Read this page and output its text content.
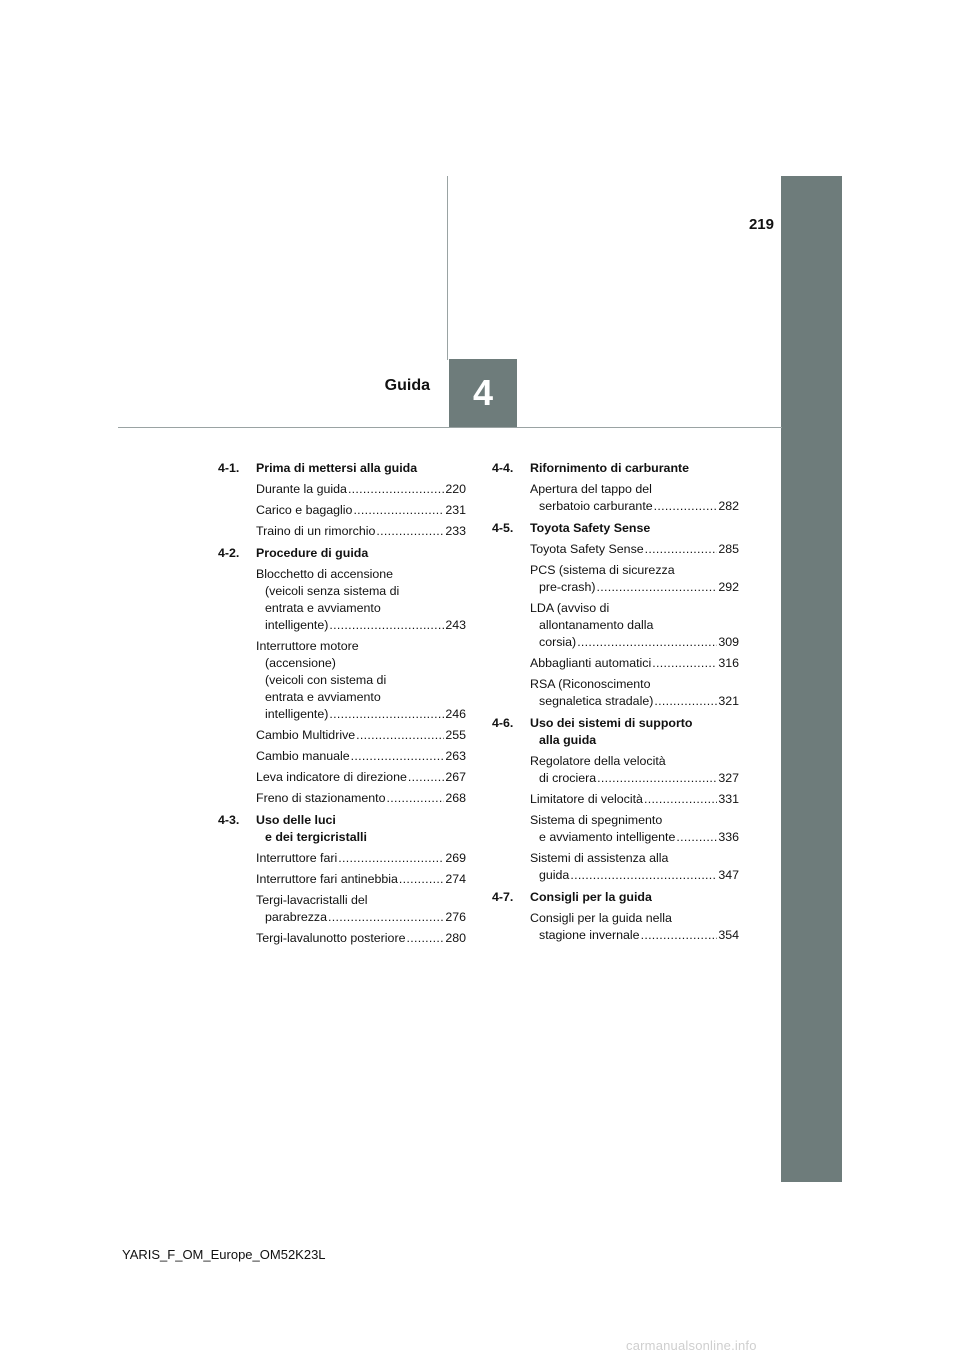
219
4
Guida
4-1.	Prima di mettersi alla guida
Durante la guida .....	220
Carico e bagaglio .....	231
Traino di un rimorchio .....	233
4-2.	Procedure di guida
Blocchetto di accensione
(veicoli senza sistema di
entrata e avviamento
intelligente) .....	243
Interruttore motore
(accensione)
(veicoli con sistema di
entrata e avviamento
intelligente) .....	246
Cambio Multidrive .....	255
Cambio manuale .....	263
Leva indicatore di direzione .....	267
Freno di stazionamento .....	268
4-3.	Uso delle luci
e dei tergicristalli
Interruttore fari .....	269
Interruttore fari antinebbia .....	274
Tergi-lavacristalli del
parabrezza .....	276
Tergi-lavalunotto posteriore .....	280
4-4.	Rifornimento di carburante
Apertura del tappo del
serbatoio carburante .....	282
4-5.	Toyota Safety Sense
Toyota Safety Sense .....	285
PCS (sistema di sicurezza
pre-crash) .....	292
LDA (avviso di
allontanamento dalla
corsia) .....	309
Abbaglianti automatici .....	316
RSA (Riconoscimento
segnaletica stradale) .....	321
4-6.	Uso dei sistemi di supporto
alla guida
Regolatore della velocità
di crociera .....	327
Limitatore di velocità .....	331
Sistema di spegnimento
e avviamento intelligente .....	336
Sistemi di assistenza alla
guida .....	347
4-7.	Consigli per la guida
Consigli per la guida nella
stagione invernale .....	354
YARIS_F_OM_Europe_OM52K23L
carmanualsonline.info
